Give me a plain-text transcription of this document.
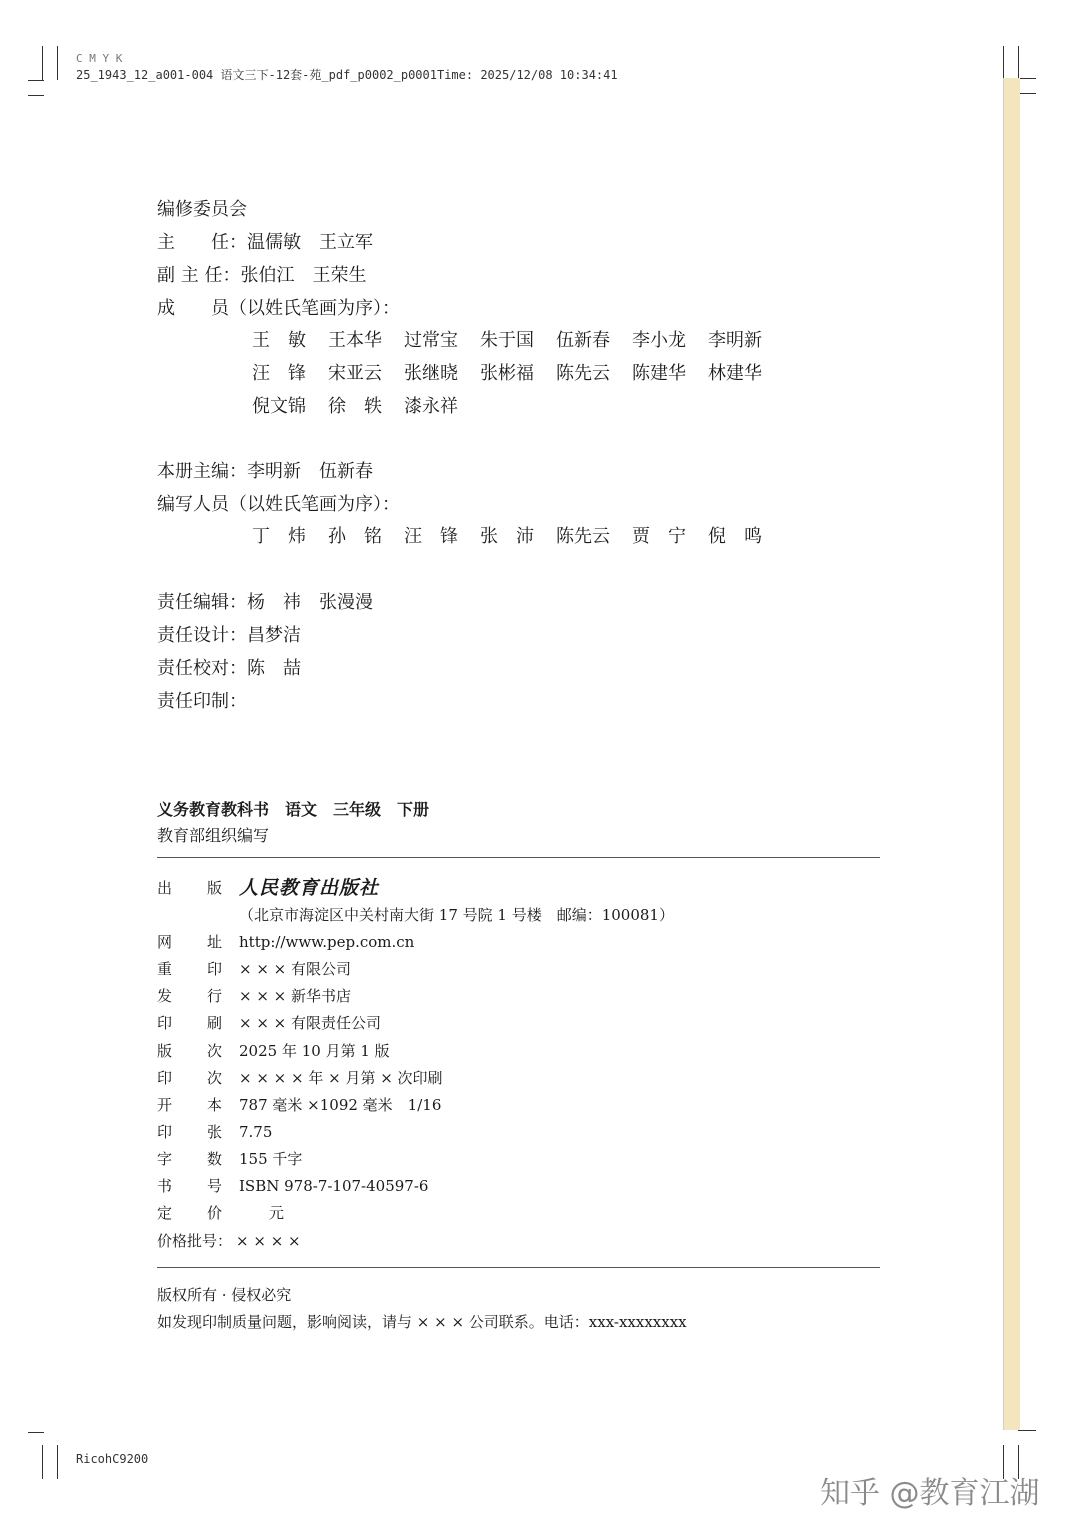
C M Y K
25_1943_12_a001-004 语文三下-12套-苑_pdf_p0002_p0001Time: 2025/12/08 10:34:41
RicohC9200
编修委员会
主　　任：温儒敏　王立军
副 主 任：张伯江　王荣生
成　　员（以姓氏笔画为序）：
王　敏	王本华	过常宝	朱于国	伍新春	李小龙	李明新
汪　锋	宋亚云	张继晓	张彬福	陈先云	陈建华	林建华
倪文锦	徐　轶	漆永祥
本册主编：李明新　伍新春
编写人员（以姓氏笔画为序）：
丁　炜	孙　铭	汪　锋	张　沛	陈先云	贾　宁	倪　鸣
责任编辑：杨　祎　张漫漫
责任设计：昌梦洁
责任校对：陈　喆
责任印制：
义务教育教科书　语文　三年级　下册
教育部组织编写
出	版 人民教育出版社
（北京市海淀区中关村南大街 17 号院 1 号楼　邮编：100081）
网	址 http://www.pep.com.cn
重	印 × × × 有限公司
发	行 × × × 新华书店
印	刷 × × × 有限责任公司
版	次 2025 年 10 月第 1 版
印	次 × × × × 年 × 月第 × 次印刷
开	本 787 毫米 ×1092 毫米　1/16
印	张 7.75
字	数 155 千字
书	号 ISBN 978-7-107-40597-6
定	价 　　元
价格批号： × × × ×
版权所有 · 侵权必究
如发现印制质量问题，影响阅读，请与 × × × 公司联系。电话：xxx-xxxxxxxx
知乎 @教育江湖
